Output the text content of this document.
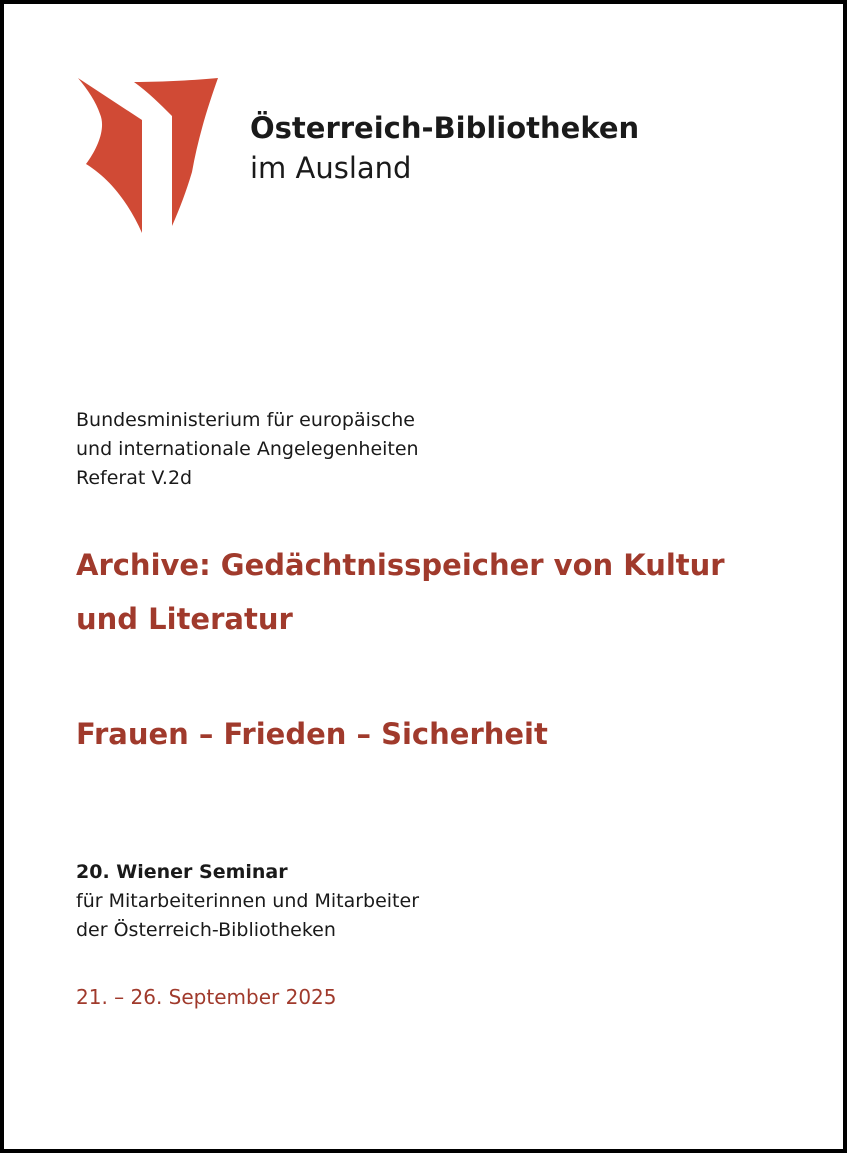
Österreich-Bibliotheken
im Ausland
Bundesministerium für europäische
und internationale Angelegenheiten
Referat V.2d
Archive: Gedächtnisspeicher von Kultur
und Literatur
Frauen – Frieden – Sicherheit
20. Wiener Seminar
für Mitarbeiterinnen und Mitarbeiter
der Österreich-Bibliotheken
21. – 26. September 2025
